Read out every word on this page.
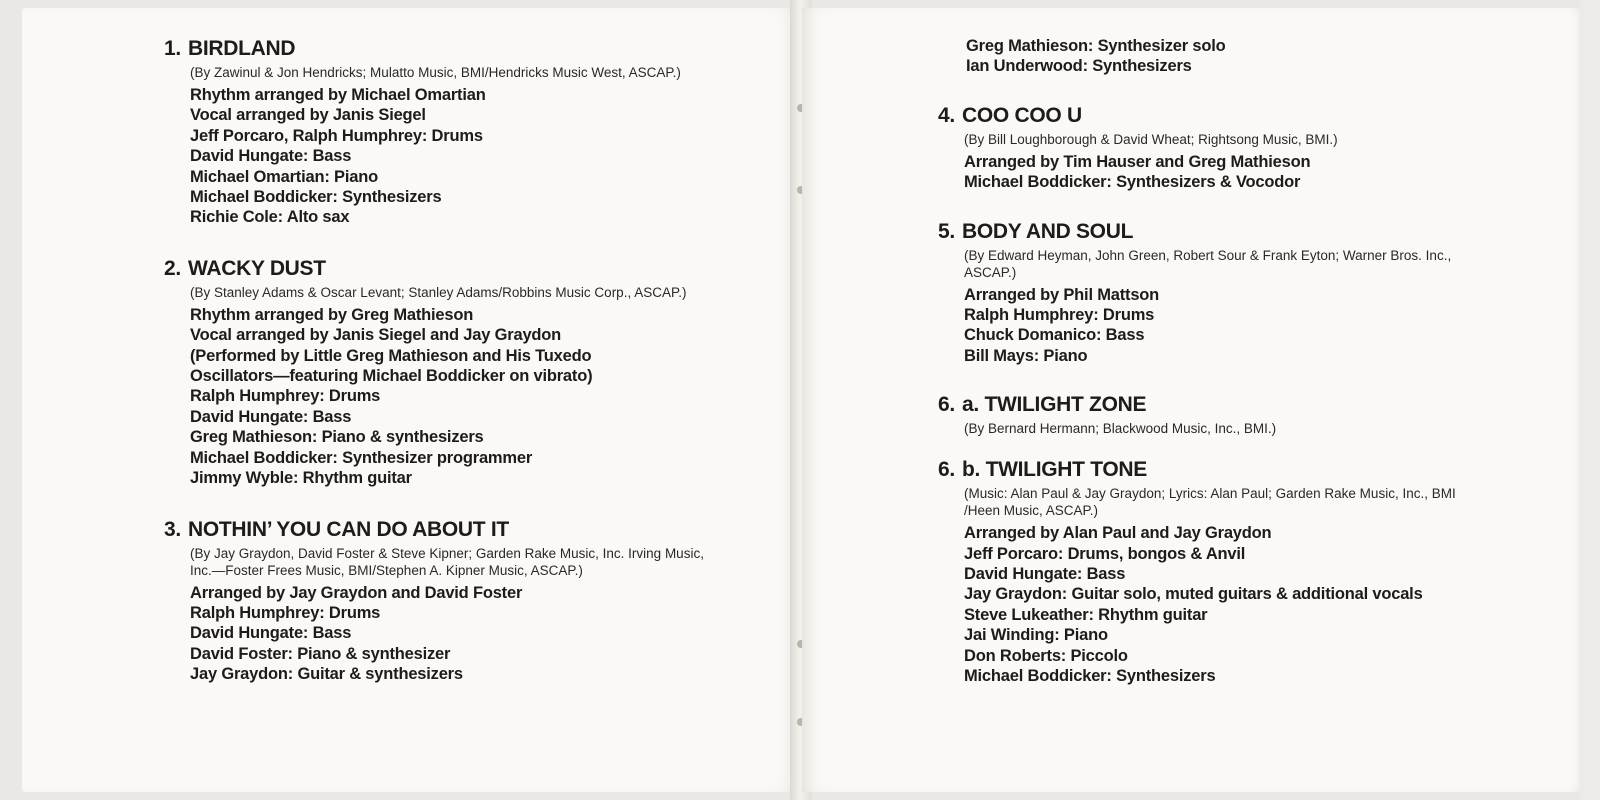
1. BIRDLAND
(By Zawinul & Jon Hendricks; Mulatto Music, BMI/Hendricks Music West, ASCAP.)
Rhythm arranged by Michael Omartian
Vocal arranged by Janis Siegel
Jeff Porcaro, Ralph Humphrey: Drums
David Hungate: Bass
Michael Omartian: Piano
Michael Boddicker: Synthesizers
Richie Cole: Alto sax
2. WACKY DUST
(By Stanley Adams & Oscar Levant; Stanley Adams/Robbins Music Corp., ASCAP.)
Rhythm arranged by Greg Mathieson
Vocal arranged by Janis Siegel and Jay Graydon
(Performed by Little Greg Mathieson and His Tuxedo
Oscillators—featuring Michael Boddicker on vibrato)
Ralph Humphrey: Drums
David Hungate: Bass
Greg Mathieson: Piano & synthesizers
Michael Boddicker: Synthesizer programmer
Jimmy Wyble: Rhythm guitar
3. NOTHIN’ YOU CAN DO ABOUT IT
(By Jay Graydon, David Foster & Steve Kipner; Garden Rake Music, Inc. Irving Music, Inc.—Foster Frees Music, BMI/Stephen A. Kipner Music, ASCAP.)
Arranged by Jay Graydon and David Foster
Ralph Humphrey: Drums
David Hungate: Bass
David Foster: Piano & synthesizer
Jay Graydon: Guitar & synthesizers
Greg Mathieson: Synthesizer solo
Ian Underwood: Synthesizers
4. COO COO U
(By Bill Loughborough & David Wheat; Rightsong Music, BMI.)
Arranged by Tim Hauser and Greg Mathieson
Michael Boddicker: Synthesizers & Vocodor
5. BODY AND SOUL
(By Edward Heyman, John Green, Robert Sour & Frank Eyton; Warner Bros. Inc., ASCAP.)
Arranged by Phil Mattson
Ralph Humphrey: Drums
Chuck Domanico: Bass
Bill Mays: Piano
6. a. TWILIGHT ZONE
(By Bernard Hermann; Blackwood Music, Inc., BMI.)
6. b. TWILIGHT TONE
(Music: Alan Paul & Jay Graydon; Lyrics: Alan Paul; Garden Rake Music, Inc., BMI /Heen Music, ASCAP.)
Arranged by Alan Paul and Jay Graydon
Jeff Porcaro: Drums, bongos & Anvil
David Hungate: Bass
Jay Graydon: Guitar solo, muted guitars & additional vocals
Steve Lukeather: Rhythm guitar
Jai Winding: Piano
Don Roberts: Piccolo
Michael Boddicker: Synthesizers
